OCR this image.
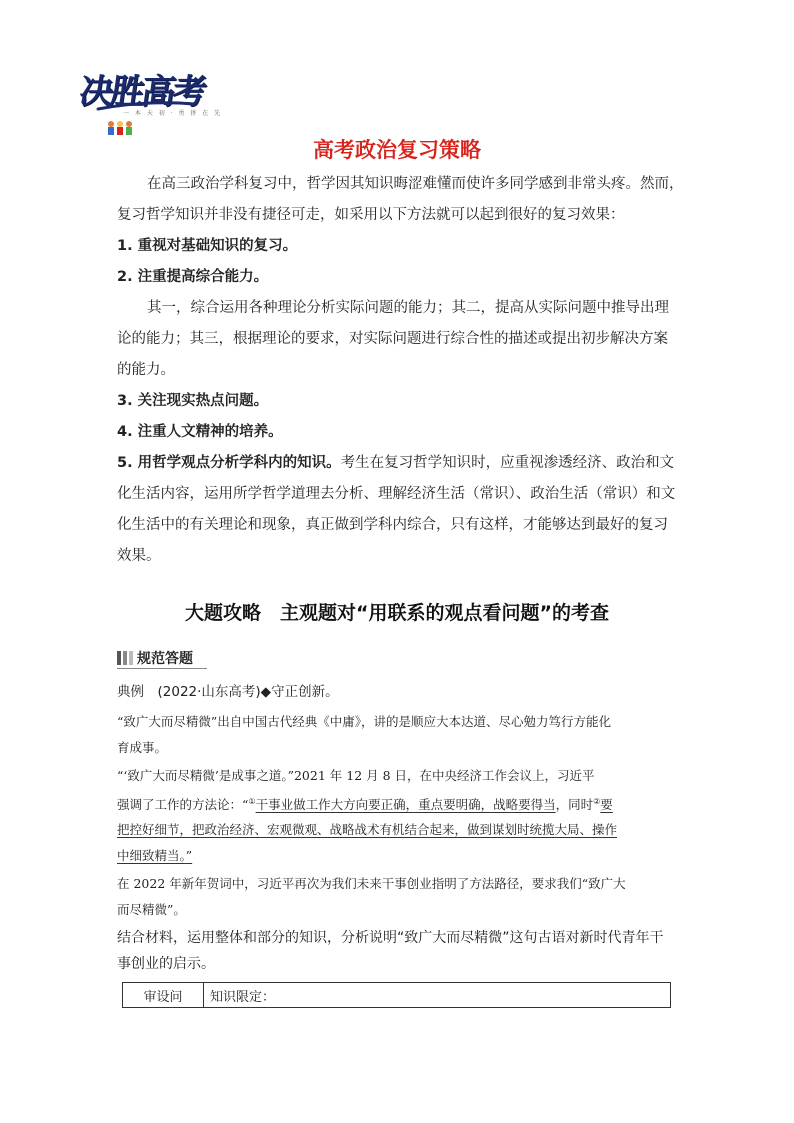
决胜高考
一 本 天 初 · 勇 拼 在 先
高考政治复习策略
在高三政治学科复习中，哲学因其知识晦涩难懂而使许多同学感到非常头疼。然而，
复习哲学知识并非没有捷径可走，如采用以下方法就可以起到很好的复习效果：
1. 重视对基础知识的复习。
2. 注重提高综合能力。
其一，综合运用各种理论分析实际问题的能力；其二，提高从实际问题中推导出理
论的能力；其三，根据理论的要求，对实际问题进行综合性的描述或提出初步解决方案
的能力。
3. 关注现实热点问题。
4. 注重人文精神的培养。
5. 用哲学观点分析学科内的知识。考生在复习哲学知识时，应重视渗透经济、政治和文
化生活内容，运用所学哲学道理去分析、理解经济生活（常识）、政治生活（常识）和文
化生活中的有关理论和现象，真正做到学科内综合，只有这样，才能够达到最好的复习
效果。
大题攻略　主观题对“用联系的观点看问题”的考查
规范答题
典例　(2022·山东高考)◆守正创新。
“致广大而尽精微”出自中国古代经典《中庸》，讲的是顺应大本达道、尽心勉力笃行方能化
育成事。
“‘致广大而尽精微’是成事之道。”2021 年 12 月 8 日，在中央经济工作会议上，习近平
强调了工作的方法论：“①干事业做工作大方向要正确，重点要明确，战略要得当，同时②要
把控好细节，把政治经济、宏观微观、战略战术有机结合起来，做到谋划时统揽大局、操作
中细致精当。”
在 2022 年新年贺词中，习近平再次为我们未来干事创业指明了方法路径，要求我们“致广大
而尽精微”。
结合材料，运用整体和部分的知识，分析说明“致广大而尽精微”这句古语对新时代青年干
事创业的启示。
审设问	知识限定：
